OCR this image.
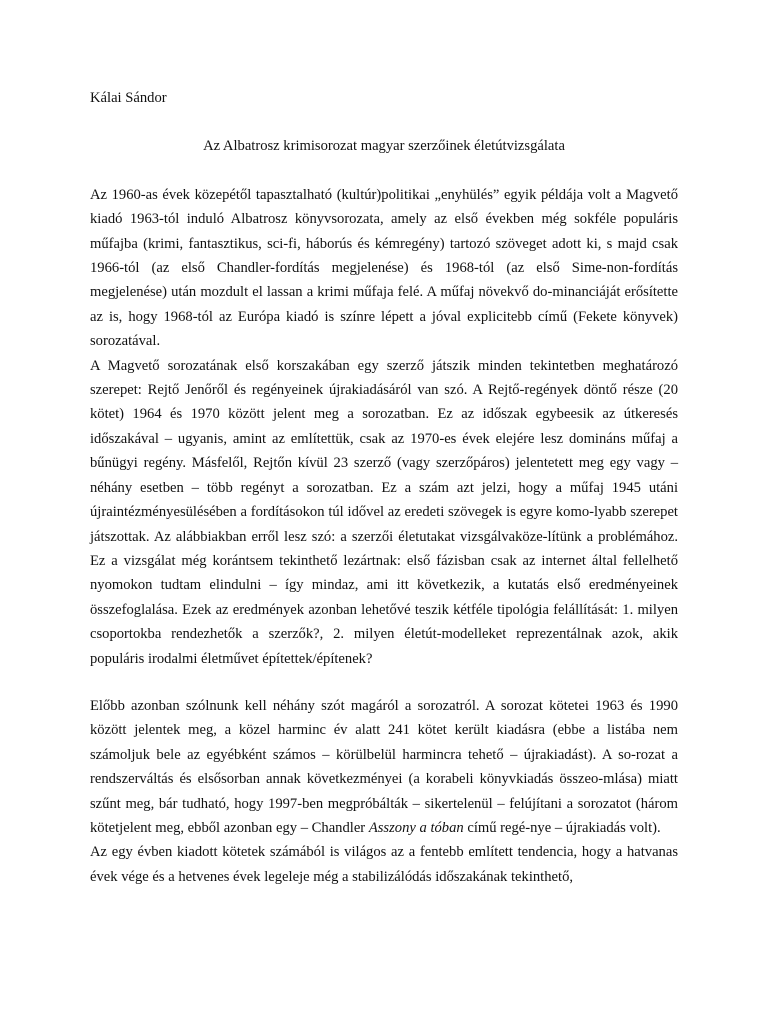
Kálai Sándor

Az Albatrosz krimisorozat magyar szerzőinek életútvizsgálata

Az 1960-as évek közepétől tapasztalható (kultúr)politikai „enyhülés” egyik példája volt a Magvető kiadó 1963-tól induló Albatrosz könyvsorozata, amely az első években még sokféle populáris műfajba (krimi, fantasztikus, sci-fi, háborús és kémregény) tartozó szöveget adott ki, s majd csak 1966-tól (az első Chandler-fordítás megjelenése) és 1968-tól (az első Sime-non-fordítás megjelenése) után mozdult el lassan a krimi műfaja felé. A műfaj növekvő do-minanciáját erősítette az is, hogy 1968-tól az Európa kiadó is színre lépett a jóval explicitebb című (Fekete könyvek) sorozatával.

A Magvető sorozatának első korszakában egy szerző játszik minden tekintetben meghatározó szerepet: Rejtő Jenőről és regényeinek újrakiadásáról van szó. A Rejtő-regények döntő része (20 kötet) 1964 és 1970 között jelent meg a sorozatban. Ez az időszak egybeesik az útkeresés időszakával – ugyanis, amint az említettük, csak az 1970-es évek elejére lesz domináns műfaj a bűnügyi regény. Másfelől, Rejtőn kívül 23 szerző (vagy szerzőpáros) jelentetett meg egy vagy – néhány esetben – több regényt a sorozatban. Ez a szám azt jelzi, hogy a műfaj 1945 utáni újraintézményesülésében a fordításokon túl idővel az eredeti szövegek is egyre komo-lyabb szerepet játszottak. Az alábbiakban erről lesz szó: a szerzői életutakat vizsgálvaköze-lítünk a problémához. Ez a vizsgálat még korántsem tekinthető lezártnak: első fázisban csak az internet által fellelhető nyomokon tudtam elindulni – így mindaz, ami itt következik, a kutatás első eredményeinek összefoglalása. Ezek az eredmények azonban lehetővé teszik kétféle tipológia felállítását: 1. milyen csoportokba rendezhetők a szerzők?, 2. milyen életút-modelleket reprezentálnak azok, akik populáris irodalmi életművet építettek/építenek?

Előbb azonban szólnunk kell néhány szót magáról a sorozatról. A sorozat kötetei 1963 és 1990 között jelentek meg, a közel harminc év alatt 241 kötet került kiadásra (ebbe a listába nem számoljuk bele az egyébként számos – körülbelül harmincra tehető – újrakiadást). A so-rozat a rendszerváltás és elsősorban annak következményei (a korabeli könyvkiadás összeo-mlása) miatt szűnt meg, bár tudható, hogy 1997-ben megpróbálták – sikertelenül – felújítani a sorozatot (három kötetjelent meg, ebből azonban egy – Chandler Asszony a tóban című regé-nye – újrakiadás volt).

Az egy évben kiadott kötetek számából is világos az a fentebb említett tendencia, hogy a hatvanas évek vége és a hetvenes évek legeleje még a stabilizálódás időszakának tekinthető,
